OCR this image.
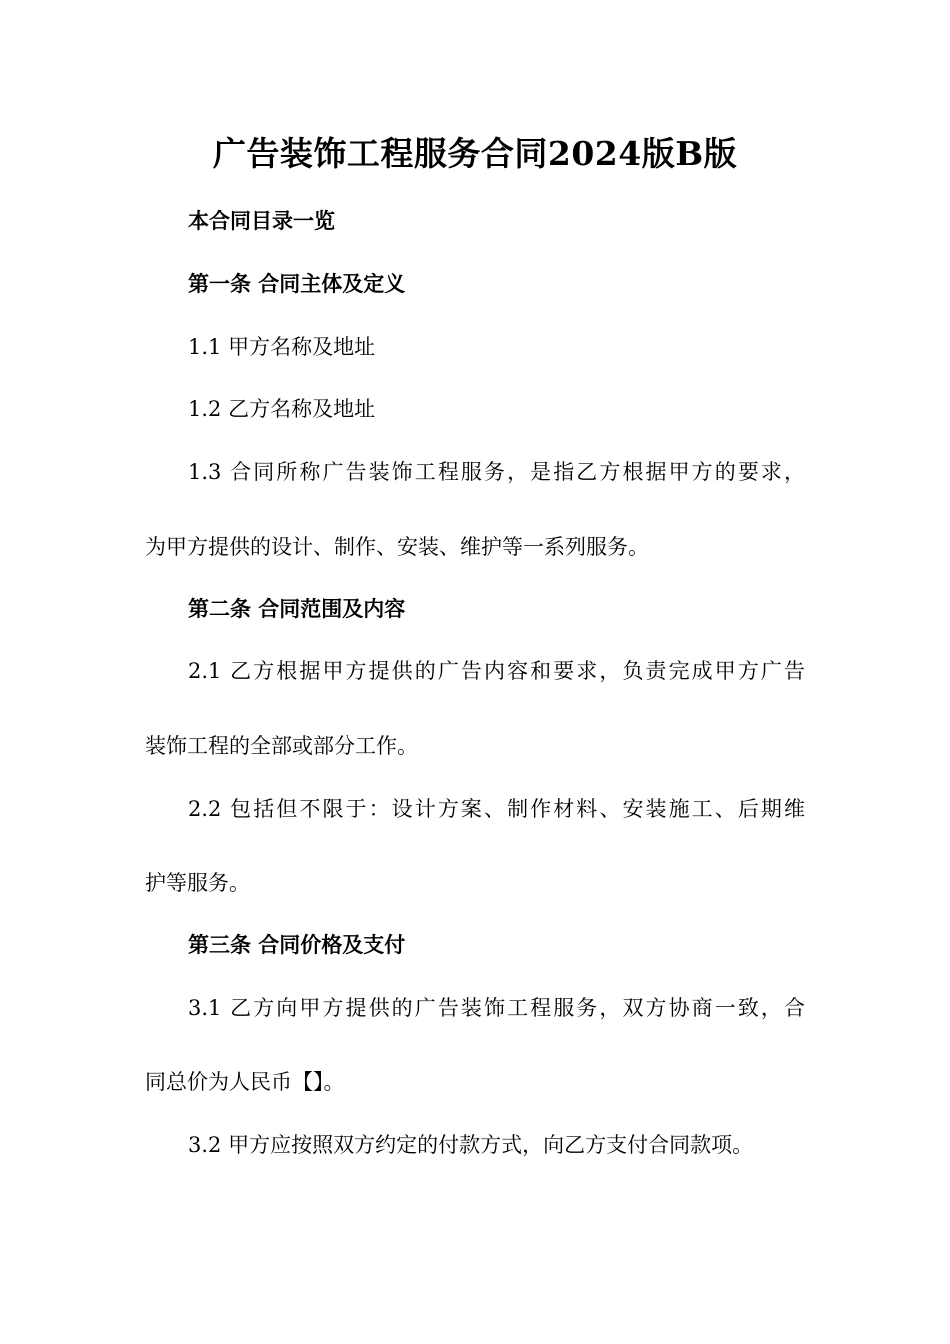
广告装饰工程服务合同2024版B版
本合同目录一览
第一条 合同主体及定义
1.1 甲方名称及地址
1.2 乙方名称及地址
1.3 合同所称广告装饰工程服务，是指乙方根据甲方的要求，
为甲方提供的设计、制作、安装、维护等一系列服务。
第二条 合同范围及内容
2.1 乙方根据甲方提供的广告内容和要求，负责完成甲方广告
装饰工程的全部或部分工作。
2.2 包括但不限于：设计方案、制作材料、安装施工、后期维
护等服务。
第三条 合同价格及支付
3.1 乙方向甲方提供的广告装饰工程服务，双方协商一致，合
同总价为人民币【】。
3.2 甲方应按照双方约定的付款方式，向乙方支付合同款项。
